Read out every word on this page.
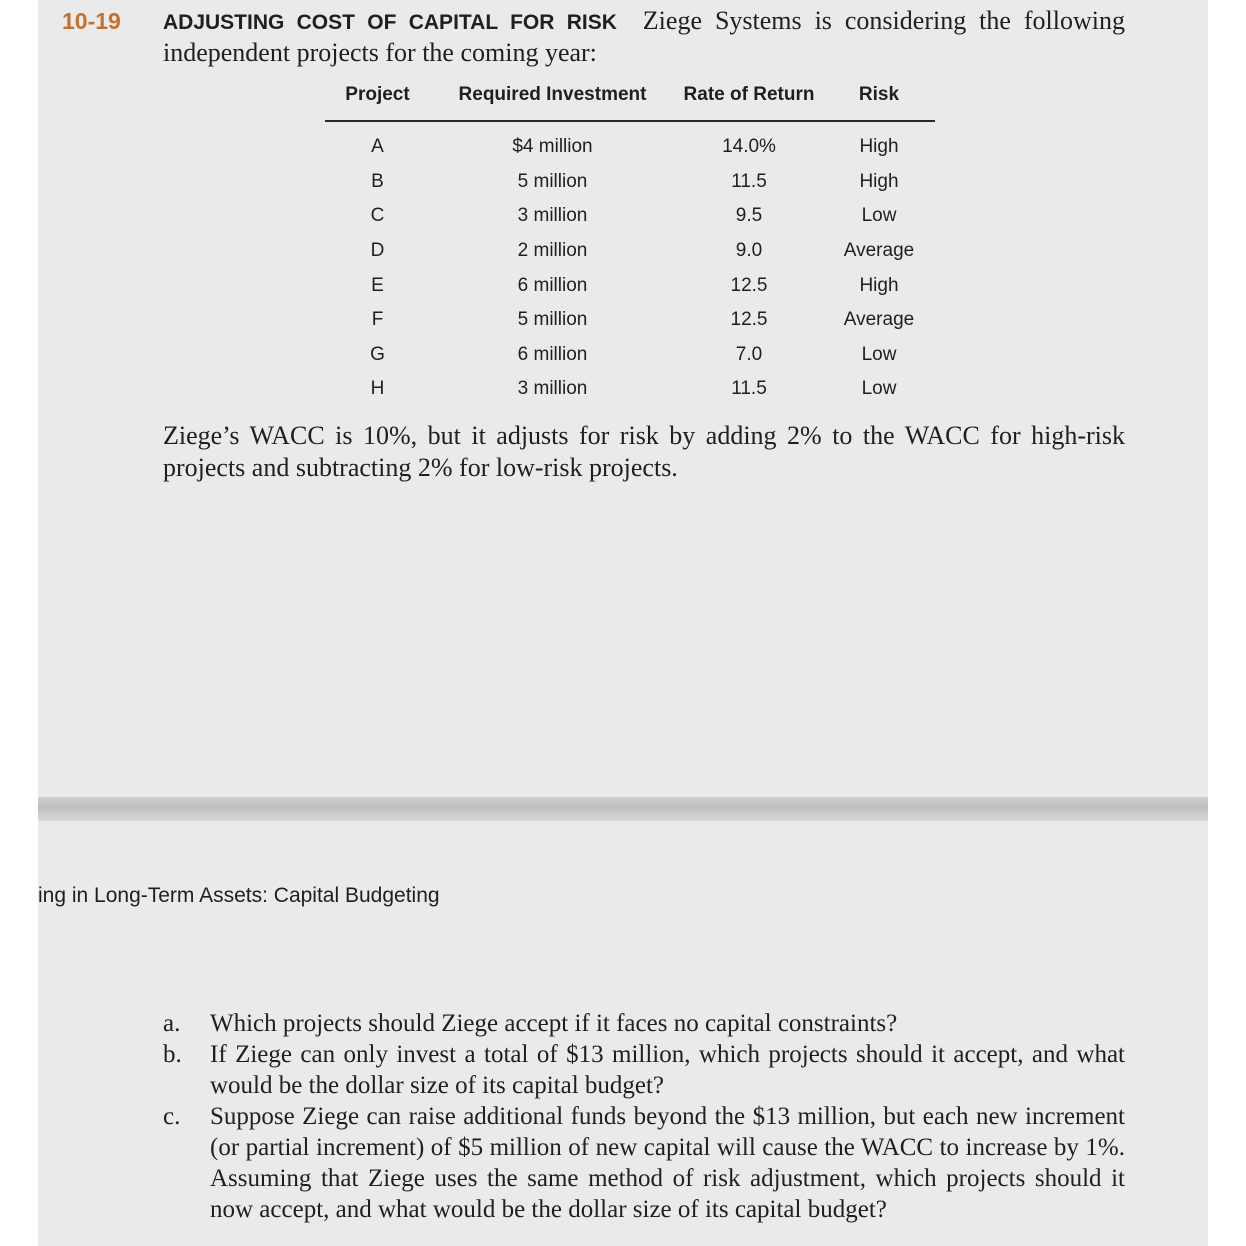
10-19 ADJUSTING COST OF CAPITAL FOR RISK Ziege Systems is considering the following independent projects for the coming year:
Project	Required Investment	Rate of Return	Risk
A	$4 million	14.0%	High
B	5 million	11.5	High
C	3 million	9.5	Low
D	2 million	9.0	Average
E	6 million	12.5	High
F	5 million	12.5	Average
G	6 million	7.0	Low
H	3 million	11.5	Low
Ziege’s WACC is 10%, but it adjusts for risk by adding 2% to the WACC for high-risk projects and subtracting 2% for low-risk projects.
ing in Long-Term Assets: Capital Budgeting
a.	Which projects should Ziege accept if it faces no capital constraints?
b.	If Ziege can only invest a total of $13 million, which projects should it accept, and what would be the dollar size of its capital budget?
c.	Suppose Ziege can raise additional funds beyond the $13 million, but each new increment (or partial increment) of $5 million of new capital will cause the WACC to increase by 1%. Assuming that Ziege uses the same method of risk adjustment, which projects should it now accept, and what would be the dollar size of its capital budget?
